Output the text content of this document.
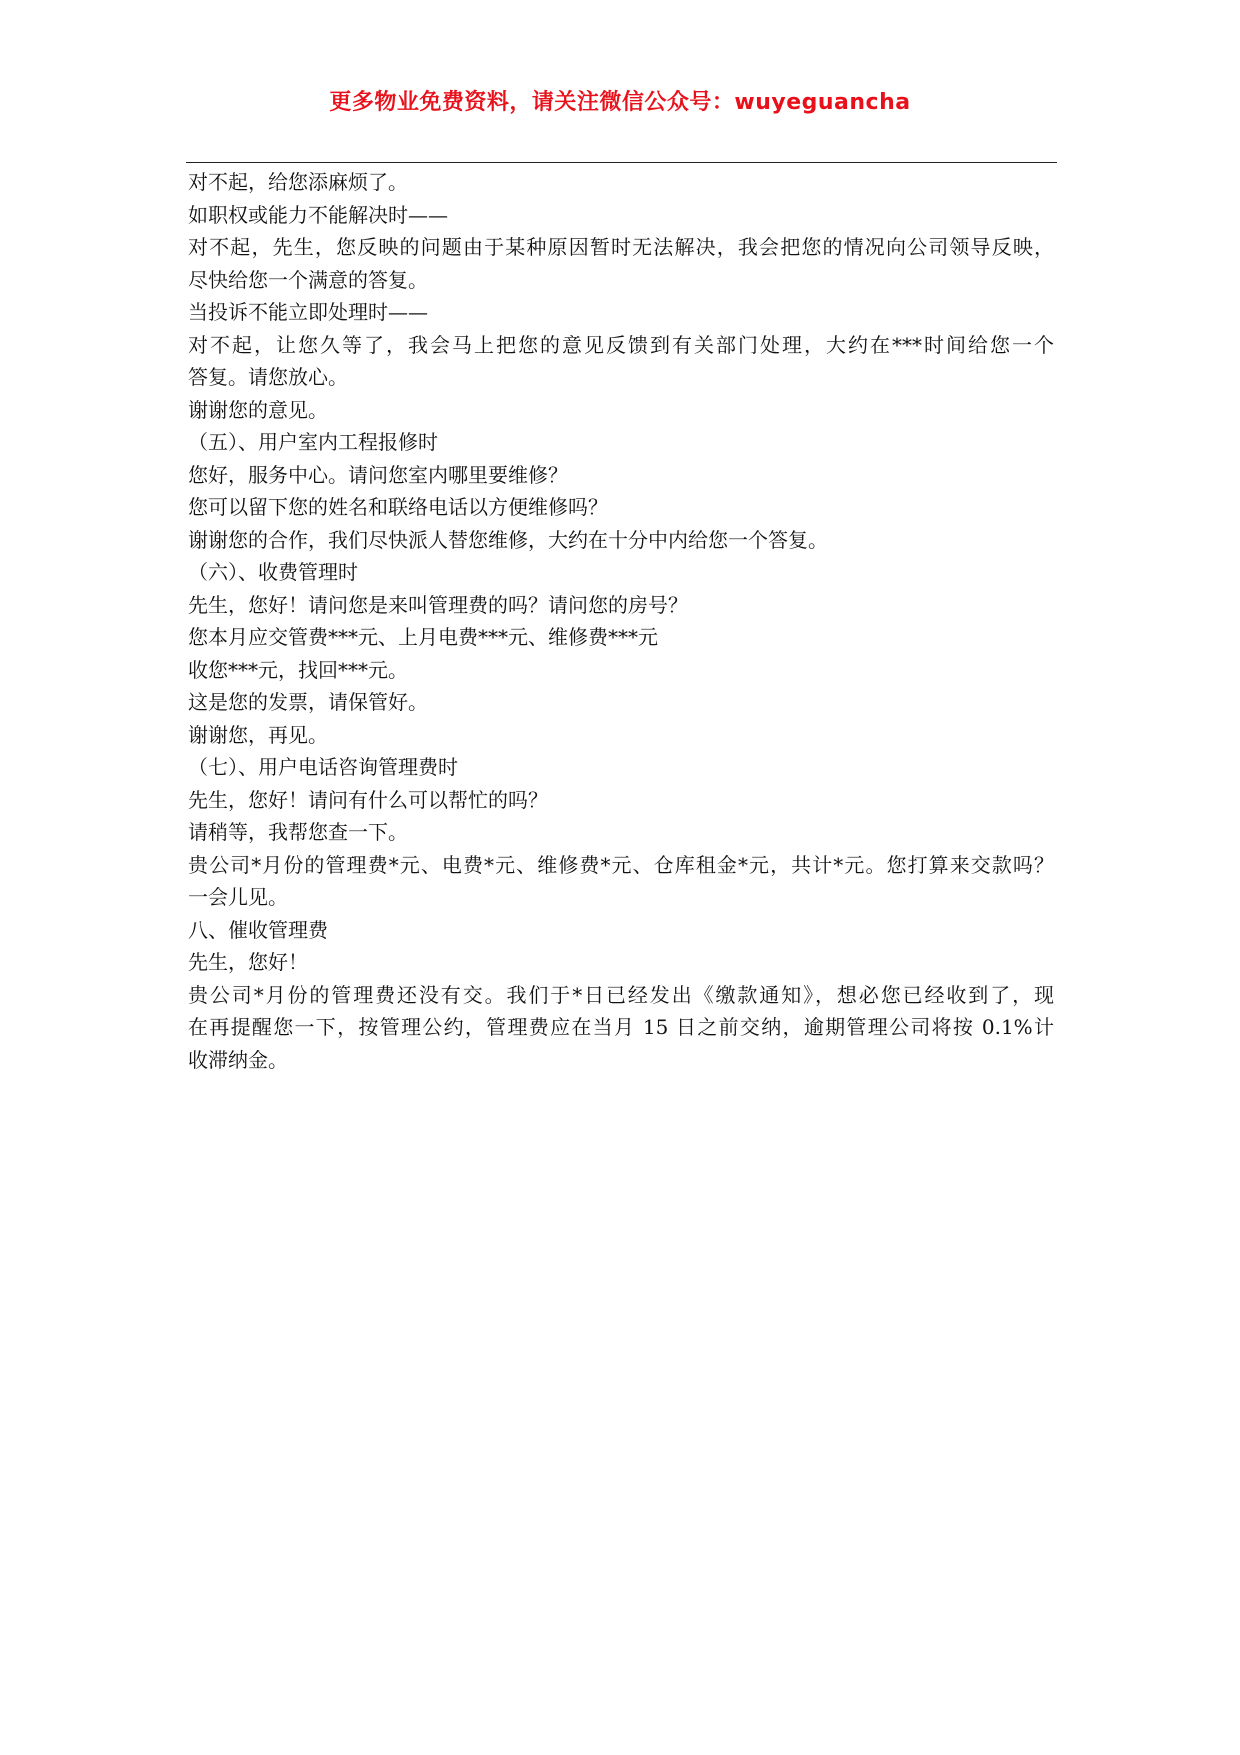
更多物业免费资料，请关注微信公众号：wuyeguancha
对不起，给您添麻烦了。
如职权或能力不能解决时——
对不起，先生，您反映的问题由于某种原因暂时无法解决，我会把您的情况向公司领导反映，
尽快给您一个满意的答复。
当投诉不能立即处理时——
对不起，让您久等了，我会马上把您的意见反馈到有关部门处理，大约在***时间给您一个
答复。请您放心。
谢谢您的意见。
（五）、用户室内工程报修时
您好，服务中心。请问您室内哪里要维修？
您可以留下您的姓名和联络电话以方便维修吗？
谢谢您的合作，我们尽快派人替您维修，大约在十分中内给您一个答复。
（六）、收费管理时
先生，您好！请问您是来叫管理费的吗？请问您的房号？
您本月应交管费***元、上月电费***元、维修费***元
收您***元，找回***元。
这是您的发票，请保管好。
谢谢您，再见。
（七）、用户电话咨询管理费时
先生，您好！请问有什么可以帮忙的吗？
请稍等，我帮您查一下。
贵公司*月份的管理费*元、电费*元、维修费*元、仓库租金*元，共计*元。您打算来交款吗？
一会儿见。
八、催收管理费
先生，您好！
贵公司*月份的管理费还没有交。我们于*日已经发出《缴款通知》，想必您已经收到了，现
在再提醒您一下，按管理公约，管理费应在当月 15 日之前交纳，逾期管理公司将按 0.1%计
收滞纳金。
